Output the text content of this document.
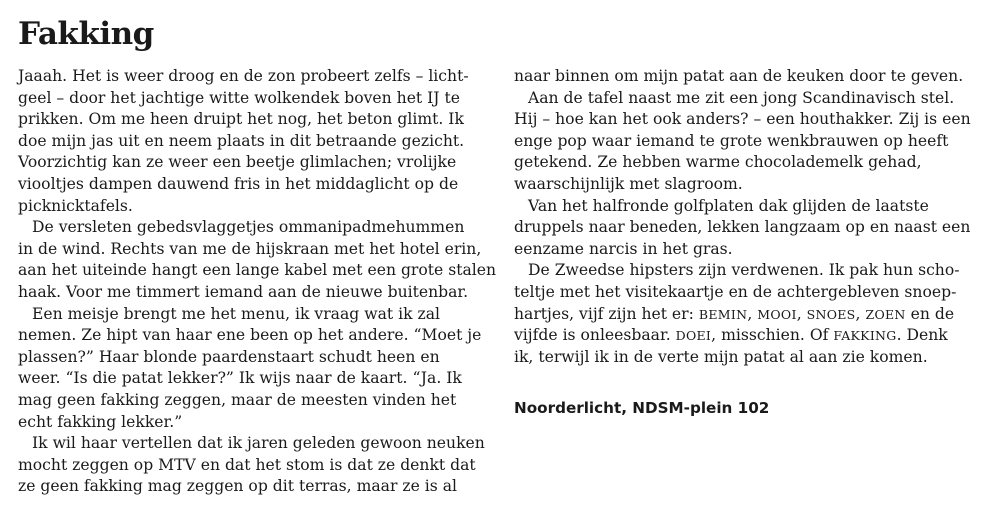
Fakking
Jaaah. Het is weer droog en de zon probeert zelfs – licht-
geel – door het jachtige witte wolkendek boven het IJ te
prikken. Om me heen druipt het nog, het beton glimt. Ik
doe mijn jas uit en neem plaats in dit betraande gezicht.
Voorzichtig kan ze weer een beetje glimlachen; vrolijke
viooltjes dampen dauwend fris in het middaglicht op de
picknicktafels.
De versleten gebedsvlaggetjes ommanipadmehummen
in de wind. Rechts van me de hijskraan met het hotel erin,
aan het uiteinde hangt een lange kabel met een grote stalen
haak. Voor me timmert iemand aan de nieuwe buitenbar.
Een meisje brengt me het menu, ik vraag wat ik zal
nemen. Ze hipt van haar ene been op het andere. “Moet je
plassen?” Haar blonde paardenstaart schudt heen en
weer. “Is die patat lekker?” Ik wijs naar de kaart. “Ja. Ik
mag geen fakking zeggen, maar de meesten vinden het
echt fakking lekker.”
Ik wil haar vertellen dat ik jaren geleden gewoon neuken
mocht zeggen op MTV en dat het stom is dat ze denkt dat
ze geen fakking mag zeggen op dit terras, maar ze is al
naar binnen om mijn patat aan de keuken door te geven.
Aan de tafel naast me zit een jong Scandinavisch stel.
Hij – hoe kan het ook anders? – een houthakker. Zij is een
enge pop waar iemand te grote wenkbrauwen op heeft
getekend. Ze hebben warme chocolademelk gehad,
waarschijnlijk met slagroom.
Van het halfronde golfplaten dak glijden de laatste
druppels naar beneden, lekken langzaam op en naast een
eenzame narcis in het gras.
De Zweedse hipsters zijn verdwenen. Ik pak hun scho-
teltje met het visitekaartje en de achtergebleven snoep-
hartjes, vijf zijn het er: BEMIN, MOOI, SNOES, ZOEN en de
vijfde is onleesbaar. DOEI, misschien. Of FAKKING. Denk
ik, terwijl ik in de verte mijn patat al aan zie komen.
Noorderlicht, NDSM-plein 102
